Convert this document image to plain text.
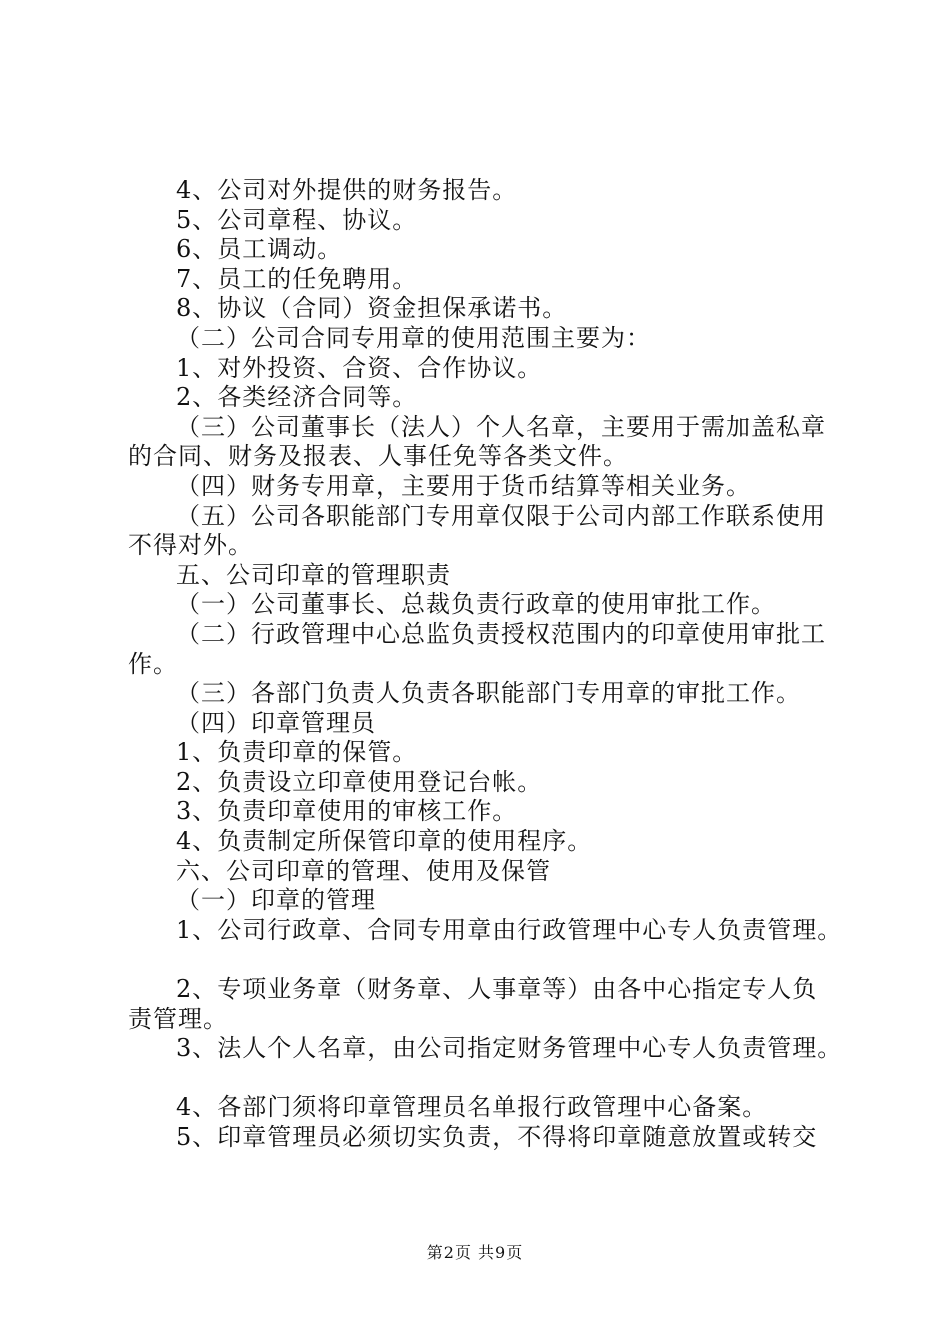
4、公司对外提供的财务报告。
5、公司章程、协议。
6、员工调动。
7、员工的任免聘用。
8、协议（合同）资金担保承诺书。
（二）公司合同专用章的使用范围主要为：
1、对外投资、合资、合作协议。
2、各类经济合同等。
（三）公司董事长（法人）个人名章，主要用于需加盖私章
的合同、财务及报表、人事任免等各类文件。
（四）财务专用章，主要用于货币结算等相关业务。
（五）公司各职能部门专用章仅限于公司内部工作联系使用
不得对外。
五、公司印章的管理职责
（一）公司董事长、总裁负责行政章的使用审批工作。
（二）行政管理中心总监负责授权范围内的印章使用审批工
作。
（三）各部门负责人负责各职能部门专用章的审批工作。
（四）印章管理员
1、负责印章的保管。
2、负责设立印章使用登记台帐。
3、负责印章使用的审核工作。
4、负责制定所保管印章的使用程序。
六、公司印章的管理、使用及保管
（一）印章的管理
1、公司行政章、合同专用章由行政管理中心专人负责管理。
2、专项业务章（财务章、人事章等）由各中心指定专人负
责管理。
3、法人个人名章，由公司指定财务管理中心专人负责管理。
4、各部门须将印章管理员名单报行政管理中心备案。
5、印章管理员必须切实负责，不得将印章随意放置或转交
第2页 共9页
